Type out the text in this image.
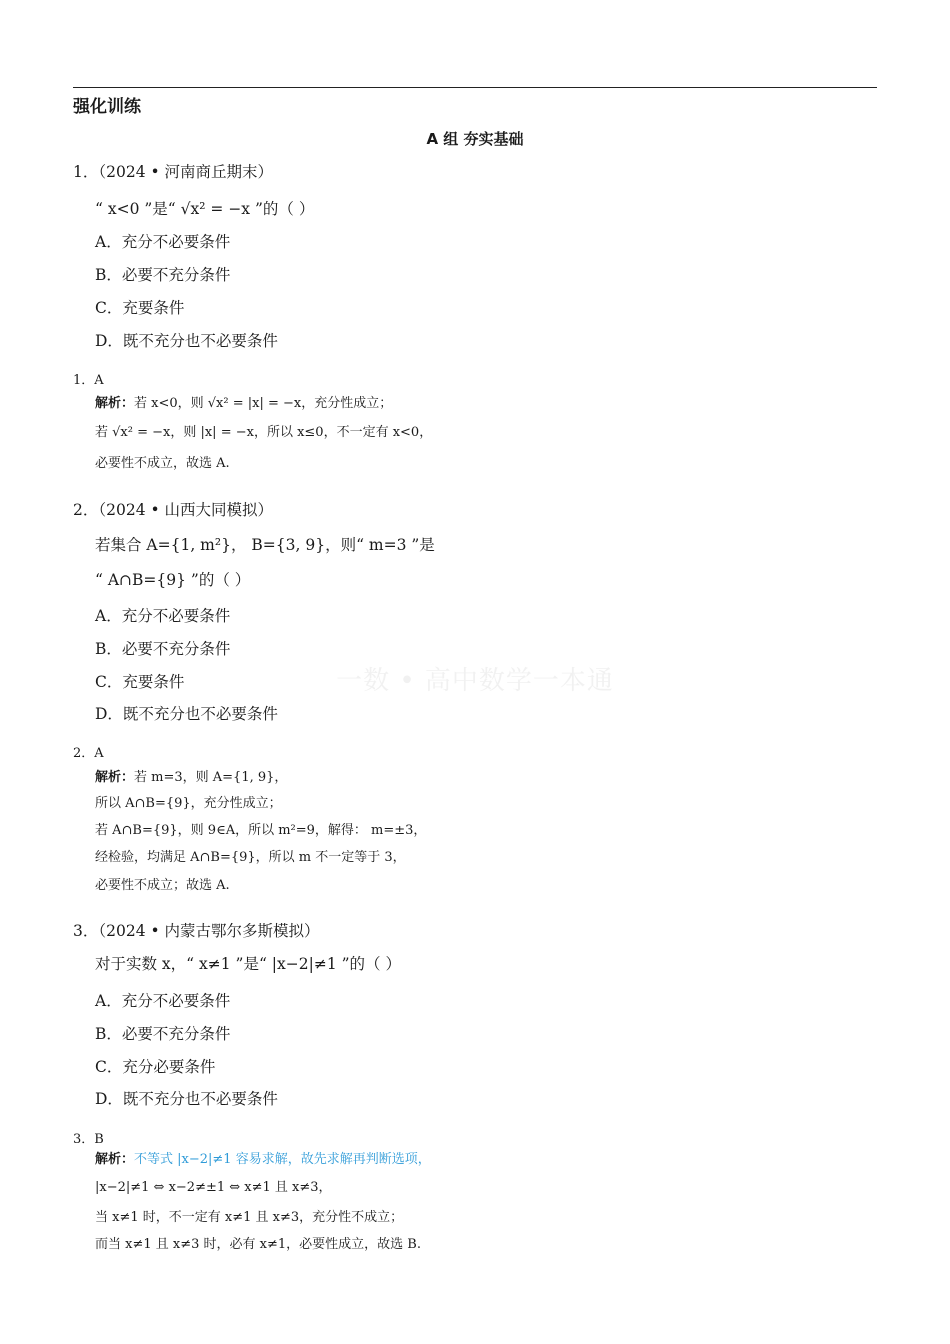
强化训练
A 组 夯实基础
一数 • 高中数学一本通
1．（2024 • 河南商丘期末）
“ x<0 ”是“ √x² = −x ”的（ ）
A．充分不必要条件
B．必要不充分条件
C．充要条件
D．既不充分也不必要条件
1．A
解析：若 x<0，则 √x² = |x| = −x，充分性成立；
若 √x² = −x，则 |x| = −x，所以 x≤0，不一定有 x<0，
必要性不成立，故选 A.
2．（2024 • 山西大同模拟）
若集合 A={1, m²}， B={3, 9}，则“ m=3 ”是
“ A∩B={9} ”的（ ）
A．充分不必要条件
B．必要不充分条件
C．充要条件
D．既不充分也不必要条件
2．A
解析：若 m=3，则 A={1, 9}，
所以 A∩B={9}，充分性成立；
若 A∩B={9}，则 9∈A，所以 m²=9，解得： m=±3，
经检验，均满足 A∩B={9}，所以 m 不一定等于 3，
必要性不成立；故选 A.
3．（2024 • 内蒙古鄂尔多斯模拟）
对于实数 x，“ x≠1 ”是“ |x−2|≠1 ”的（ ）
A．充分不必要条件
B．必要不充分条件
C．充分必要条件
D．既不充分也不必要条件
3．B
解析：不等式 |x−2|≠1 容易求解，故先求解再判断选项，
|x−2|≠1 ⇔ x−2≠±1 ⇔ x≠1 且 x≠3，
当 x≠1 时，不一定有 x≠1 且 x≠3，充分性不成立；
而当 x≠1 且 x≠3 时，必有 x≠1，必要性成立，故选 B.
